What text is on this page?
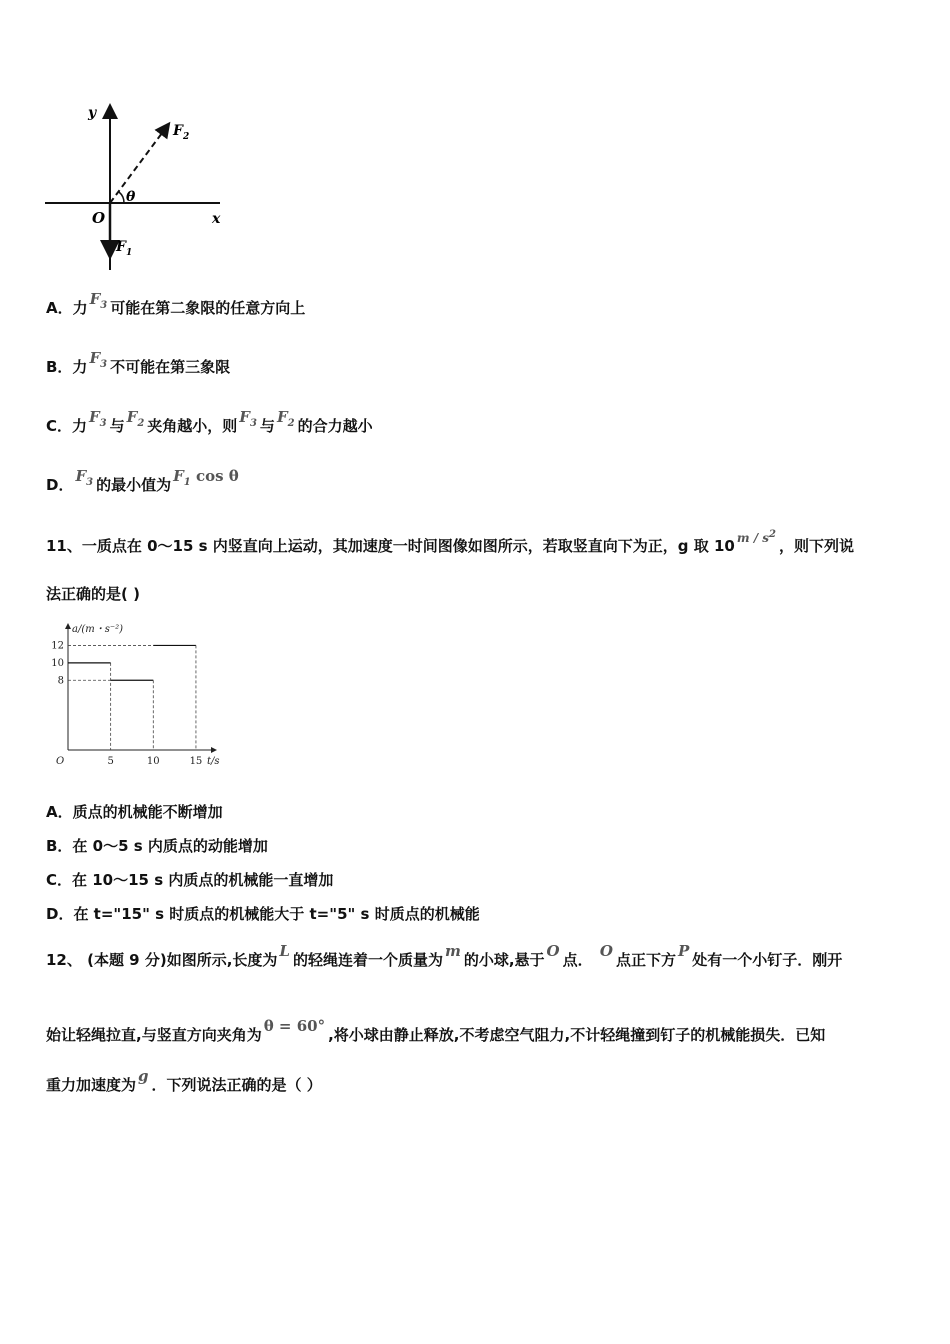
y
x
O
θ
$F_2$
$F_1$
A．力 $F_3$ 可能在第二象限的任意方向上
B．力 $F_3$ 不可能在第三象限
C．力 $F_3$ 与 $F_2$ 夹角越小，则 $F_3$ 与 $F_2$ 的合力越小
D． $F_3$ 的最小值为 $F_1$ cos θ
11、一质点在 0～15 s 内竖直向上运动，其加速度一时间图像如图所示，若取竖直向下为正，g 取 10 $^{m / s^2}$，则下列说
法正确的是( )
a/(m・s⁻²)
t/s
O	5	10	15
8
10
12
A．质点的机械能不断增加
B．在 0～5 s 内质点的动能增加
C．在 10～15 s 内质点的机械能一直增加
D．在 t="15" s 时质点的机械能大于 t="5" s 时质点的机械能
12、 (本题 9 分)如图所示,长度为 L 的轻绳连着一个质量为 m 的小球,悬于 O 点． O 点正下方 P 处有一个小钉子．刚开
始让轻绳拉直,与竖直方向夹角为 θ = 60° ,将小球由静止释放,不考虑空气阻力,不计轻绳撞到钉子的机械能损失．已知
重力加速度为 g ．下列说法正确的是（ ）
